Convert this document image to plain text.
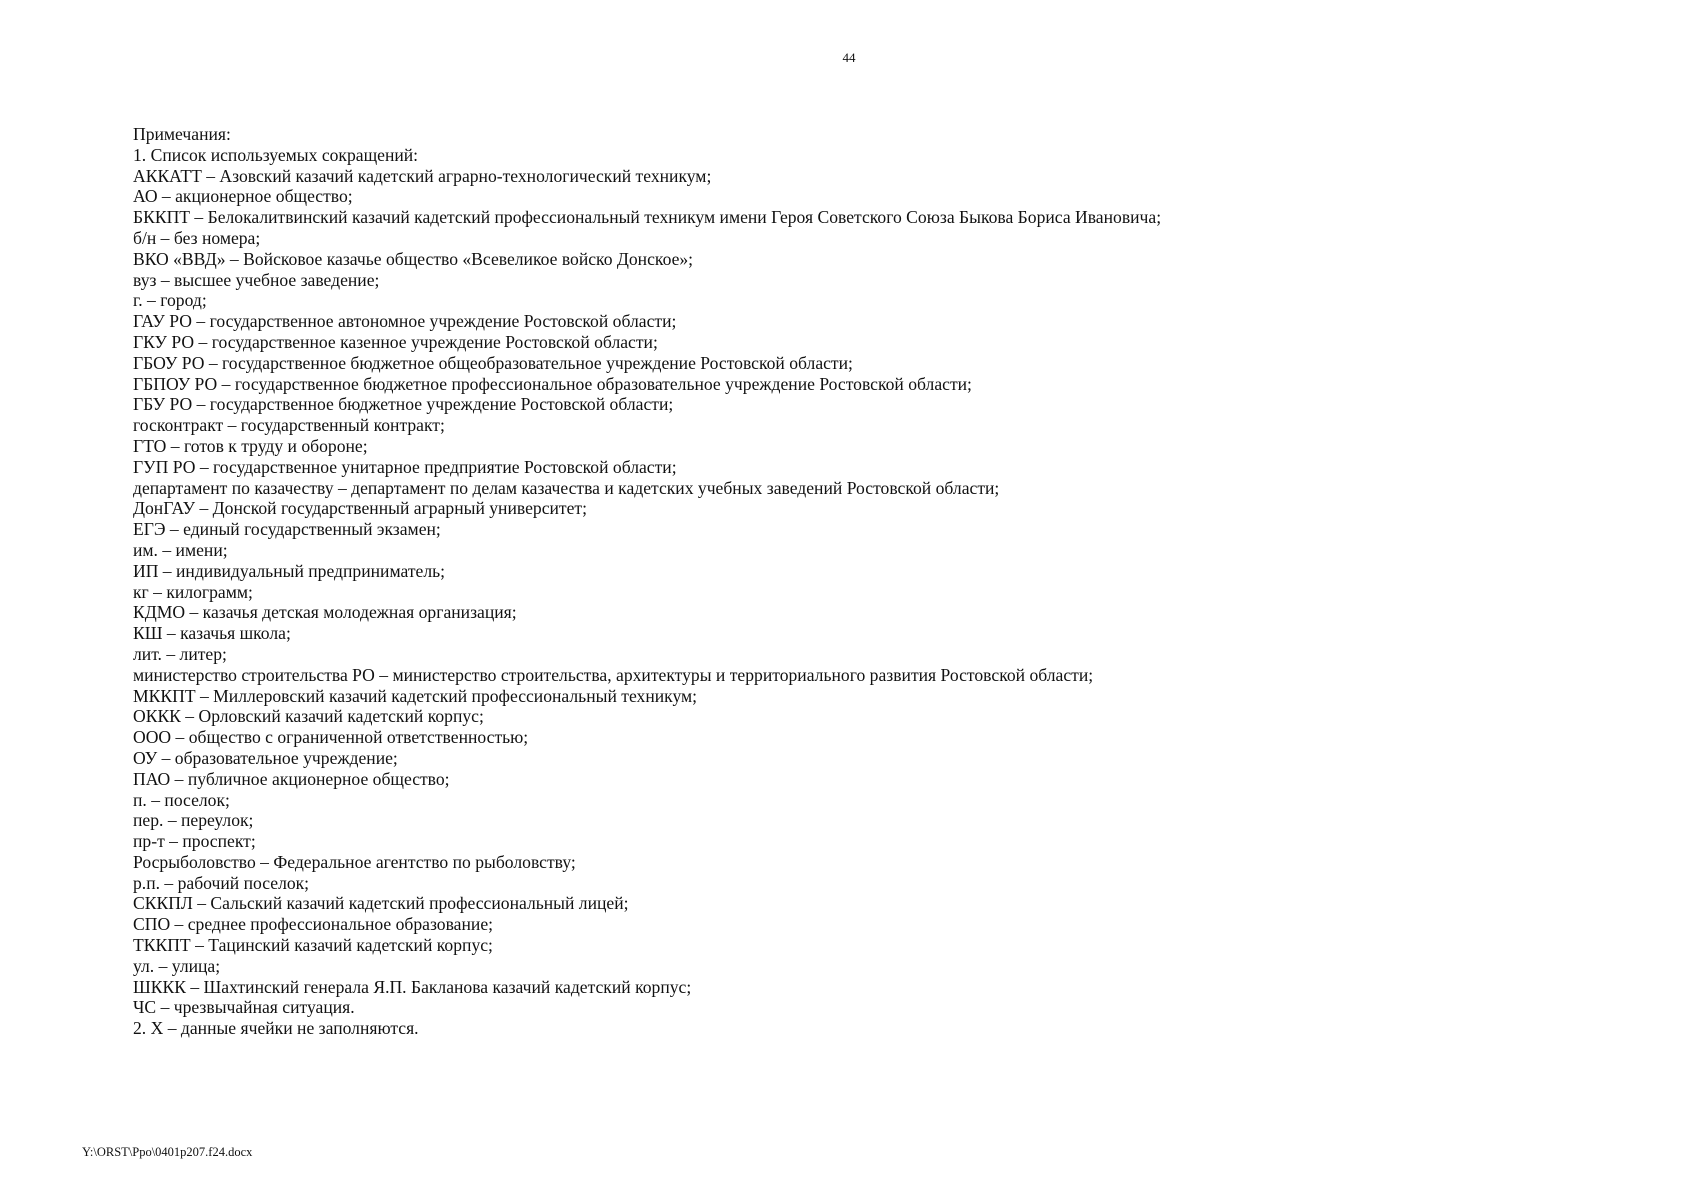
44
Примечания:
1. Список используемых сокращений:
АККАТТ – Азовский казачий кадетский аграрно-технологический техникум;
АО – акционерное общество;
БККПТ – Белокалитвинский казачий кадетский профессиональный техникум имени Героя Советского Союза Быкова Бориса Ивановича;
б/н – без номера;
ВКО «ВВД» – Войсковое казачье общество «Всевеликое войско Донское»;
вуз – высшее учебное заведение;
г. – город;
ГАУ РО – государственное автономное учреждение Ростовской области;
ГКУ РО – государственное казенное учреждение Ростовской области;
ГБОУ РО – государственное бюджетное общеобразовательное учреждение Ростовской области;
ГБПОУ РО – государственное бюджетное профессиональное образовательное учреждение Ростовской области;
ГБУ РО – государственное бюджетное учреждение Ростовской области;
госконтракт – государственный контракт;
ГТО – готов к труду и обороне;
ГУП РО – государственное унитарное предприятие Ростовской области;
департамент по казачеству – департамент по делам казачества и кадетских учебных заведений Ростовской области;
ДонГАУ – Донской государственный аграрный университет;
ЕГЭ – единый государственный экзамен;
им. – имени;
ИП – индивидуальный предприниматель;
кг – килограмм;
КДМО – казачья детская молодежная организация;
КШ – казачья школа;
лит. – литер;
министерство строительства РО – министерство строительства, архитектуры и территориального развития Ростовской области;
МККПТ – Миллеровский казачий кадетский профессиональный техникум;
ОККК – Орловский казачий кадетский корпус;
ООО – общество с ограниченной ответственностью;
ОУ – образовательное учреждение;
ПАО – публичное акционерное общество;
п. – поселок;
пер. – переулок;
пр-т – проспект;
Росрыболовство – Федеральное агентство по рыболовству;
р.п. – рабочий поселок;
СККПЛ – Сальский казачий кадетский профессиональный лицей;
СПО – среднее профессиональное образование;
ТККПТ – Тацинский казачий кадетский корпус;
ул. – улица;
ШККК – Шахтинский генерала Я.П. Бакланова казачий кадетский корпус;
ЧС – чрезвычайная ситуация.
2. Х – данные ячейки не заполняются.
Y:\ORST\Ppo\0401p207.f24.docx
